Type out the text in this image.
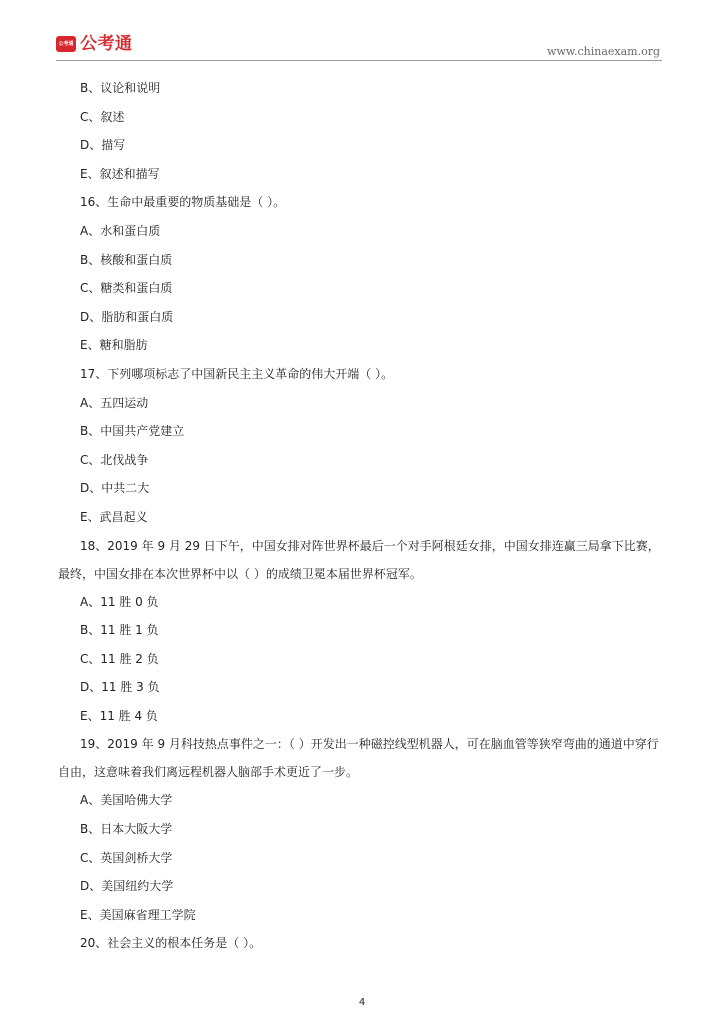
公考通 公考通	www.chinaexam.org
B、议论和说明
C、叙述
D、描写
E、叙述和描写
16、生命中最重要的物质基础是（ ）。
A、水和蛋白质
B、核酸和蛋白质
C、糖类和蛋白质
D、脂肪和蛋白质
E、糖和脂肪
17、下列哪项标志了中国新民主主义革命的伟大开端（ ）。
A、五四运动
B、中国共产党建立
C、北伐战争
D、中共二大
E、武昌起义
18、2019 年 9 月 29 日下午，中国女排对阵世界杯最后一个对手阿根廷女排，中国女排连赢三局拿下比赛，最终，中国女排在本次世界杯中以（ ）的成绩卫冕本届世界杯冠军。
A、11 胜 0 负
B、11 胜 1 负
C、11 胜 2 负
D、11 胜 3 负
E、11 胜 4 负
19、2019 年 9 月科技热点事件之一：（ ）开发出一种磁控线型机器人，可在脑血管等狭窄弯曲的通道中穿行自由，这意味着我们离远程机器人脑部手术更近了一步。
A、美国哈佛大学
B、日本大阪大学
C、英国剑桥大学
D、美国纽约大学
E、美国麻省理工学院
20、社会主义的根本任务是（ ）。
4
